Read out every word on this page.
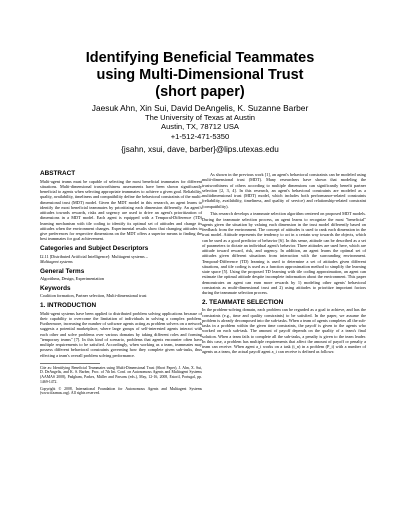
Identifying Beneficial Teammates
using Multi-Dimensional Trust
(short paper)
Jaesuk Ahn, Xin Sui, David DeAngelis, K. Suzanne Barber
The University of Texas at Austin
Austin, TX, 78712 USA
+1-512-471-5350
{jsahn, xsui, dave, barber}@lips.utexas.edu
ABSTRACT

Multi-agent teams must be capable of selecting the most beneficial teammates for different situations. Multi-dimensional trustworthiness assessments have been shown significantly beneficial to agents when selecting appropriate teammates to achieve a given goal. Reliability, quality, availability, timeliness and compatibility define the behavioral constraints of the multi-dimensional trust (MDT) model. Given the MDT model in this research, an agent learns to identify the most beneficial teammates by prioritizing each dimension differently. An agent's attitudes towards rewards, risks and urgency are used to drive an agent's prioritization of dimensions in a MDT model. Each agent is equipped with a Temporal-Difference (TD) learning mechanism with tile coding to identify its optimal set of attitudes and change its attitudes when the environment changes. Experimental results show that changing attitudes to give preferences for respective dimensions on the MDT offers a superior means to finding the best teammates for goal achievement.

Categories and Subject Descriptors

I2.11 [Distributed Artificial Intelligence]: Multiagent systems –

Multiagent systems

General Terms

Algorithms, Design, Experimentation

Keywords

Coalition formation, Partner selection, Multi-dimensional trust

1. INTRODUCTION

Multi-agent systems have been applied to distributed problem solving applications because of their capability to overcome the limitation of individuals in solving a complex problem. Furthermore, increasing the number of software agents acting as problem solvers on a network suggests a potential marketplace, where large groups of self-interested agents interact with each other and solve problems over various domains by taking different roles and forming "temporary teams" [7]. In this kind of scenario, problems that agents encounter often have multiple requirements to be satisfied. Accordingly, when working as a team, teammates may possess different behavioral constraints governing how they complete given sub-tasks, thus effecting a team's overall problem solving performance.

Cite as: Identifying Beneficial Teammates using Multi-Dimensional Trust (Short Paper), J. Ahn, X. Sui, D. DeAngelis, and K. S. Barber, Proc. of 7th Int. Conf. on Autonomous Agents and Multiagent Systems (AAMAS 2008), Padgham, Parkes, Müller and Parsons (eds.), May, 12-16, 2008, Estoril, Portugal, pp. 1469-1472.

Copyright © 2008, International Foundation for Autonomous Agents and Multiagent Systems (www.ifaamas.org). All rights reserved.

As shown in the previous work [1], an agent's behavioral constraints can be modeled using multi-dimensional trust (MDT). Many researchers have shown that modeling the trustworthiness of others according to multiple dimensions can significantly benefit partner selection [2, 3, 4]. In this research, an agent's behavioral constraints are modeled as a multidimensional trust (MDT) model, which includes both performance-related constraints (reliability, availability, timeliness, and quality of service) and relationship-related constraint (compatibility).

This research develops a teammate selection algorithm centered on proposed MDT models. During the teammate selection process, an agent learns to recognize the most "beneficial" agents given the situation by valuing each dimension in the trust model differently based on feedback from the environment. The concept of attitudes is used to rank each dimension in the trust model. Attitude represents the tendency to act in a certain way towards the objects, which can be used as a good predictor of behavior [6]. In this sense, attitude can be described as a set of parameters to dictate an individual agent's behavior. Three attitudes are used here, which are attitude toward reward, risk, and urgency. In addition, an agent learns the optimal set of attitudes given different situations from interaction with the surrounding environment. Temporal-Difference (TD) learning is used to determine a set of attitudes given different situations, and tile coding is used as a function approximation method to simplify the learning state space [5]. Using the proposed TD learning with tile coding approximation, an agent can estimate the optimal attitude despite incomplete information about the environment. This paper demonstrates an agent can earn more rewards by 1) modeling other agents' behavioral constraints as multi-dimensional trust and 2) using attitudes to prioritize important factors during the teammate selection process.

2. TEAMMATE SELECTION

In the problem-solving domain, each problem can be regarded as a goal to achieve, and has the constraints (e.g., time and quality constraints) to be satisfied. In the paper, we assume the problem is already decomposed into the sub-tasks. When a team of agents completes all the sub-tasks in a problem within the given time constraints, the payoff is given to the agents who worked on each sub-task. The amount of payoff depends on the quality of a team's final solution. When a team fails to complete all the sub-tasks, a penalty is given to the team leader. In this case, a problem has multiple requirements that affect the amount of payoff or penalty a team can receive. When agent a_i works on a task (t_n) in a problem (P_i) with a number of agents as a team, the actual payoff agent a_i can receive is defined as follows:
